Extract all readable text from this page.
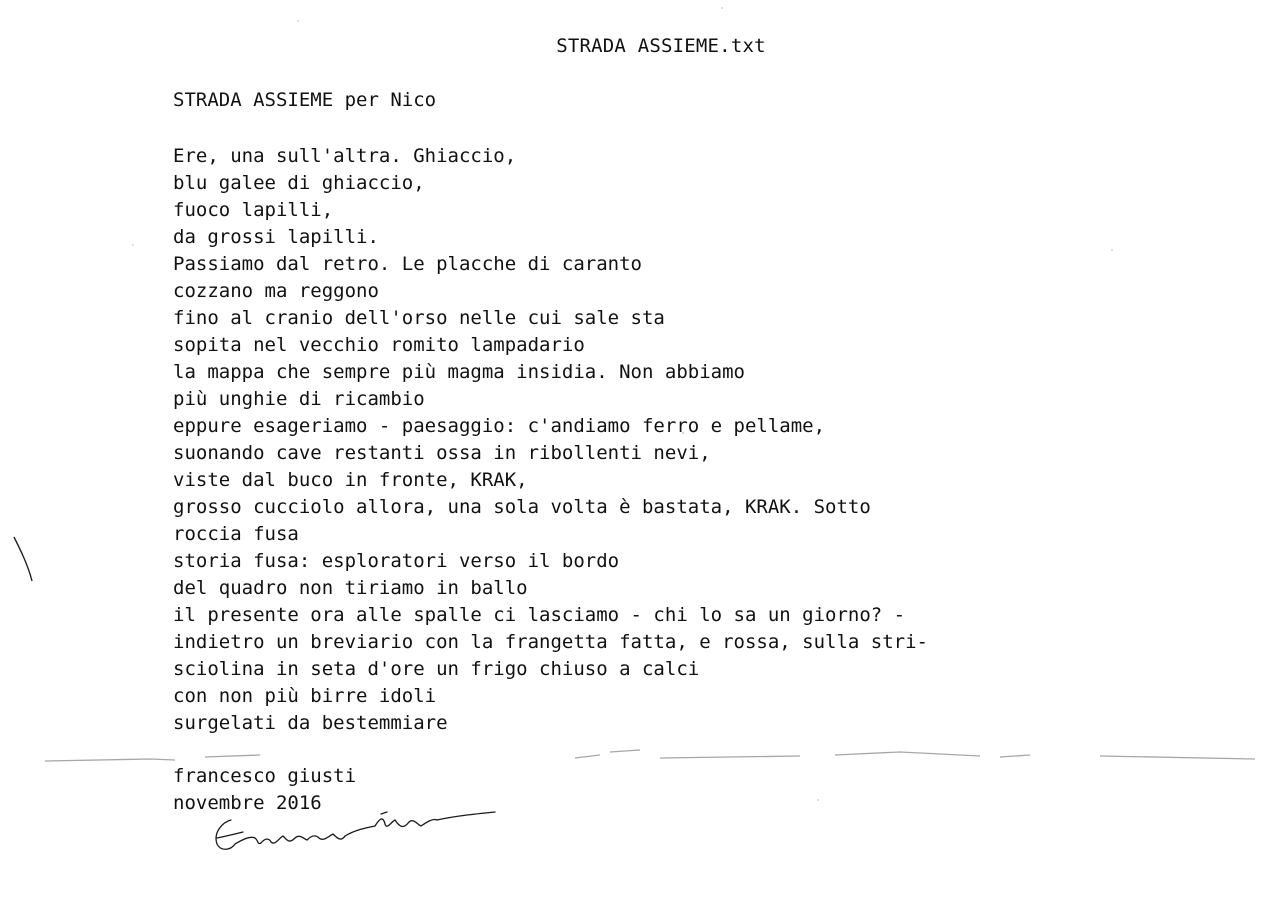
STRADA ASSIEME.txt
STRADA ASSIEME per Nico
Ere, una sull'altra. Ghiaccio,
blu galee di ghiaccio,
fuoco lapilli,
da grossi lapilli.
Passiamo dal retro. Le placche di caranto
cozzano ma reggono
fino al cranio dell'orso nelle cui sale sta
sopita nel vecchio romito lampadario
la mappa che sempre più magma insidia. Non abbiamo
più unghie di ricambio
eppure esageriamo - paesaggio: c'andiamo ferro e pellame,
suonando cave restanti ossa in ribollenti nevi,
viste dal buco in fronte, KRAK,
grosso cucciolo allora, una sola volta è bastata, KRAK. Sotto
roccia fusa
storia fusa: esploratori verso il bordo
del quadro non tiriamo in ballo
il presente ora alle spalle ci lasciamo - chi lo sa un giorno? -
indietro un breviario con la frangetta fatta, e rossa, sulla stri-
sciolina in seta d'ore un frigo chiuso a calci
con non più birre idoli
surgelati da bestemmiare
francesco giusti
novembre 2016
